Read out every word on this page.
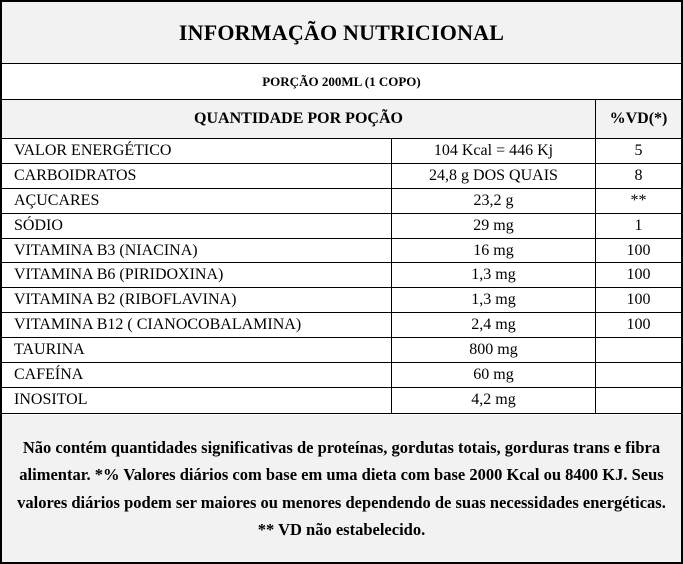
INFORMAÇÃO NUTRICIONAL
PORÇÃO 200ML (1 COPO)
QUANTIDADE POR POÇÃO	%VD(*)
VALOR ENERGÉTICO	104 Kcal = 446 Kj	5
CARBOIDRATOS	24,8 g DOS QUAIS	8
AÇUCARES	23,2 g	**
SÓDIO	29 mg	1
VITAMINA B3 (NIACINA)	16 mg	100
VITAMINA B6 (PIRIDOXINA)	1,3 mg	100
VITAMINA B2 (RIBOFLAVINA)	1,3 mg	100
VITAMINA B12 ( CIANOCOBALAMINA)	2,4 mg	100
TAURINA	800 mg
CAFEÍNA	60 mg
INOSITOL	4,2 mg
Não contém quantidades significativas de proteínas, gordutas totais, gorduras trans e fibra alimentar. *% Valores diários com base em uma dieta com base 2000 Kcal ou 8400 KJ. Seus valores diários podem ser maiores ou menores dependendo de suas necessidades energéticas. ** VD não estabelecido.
